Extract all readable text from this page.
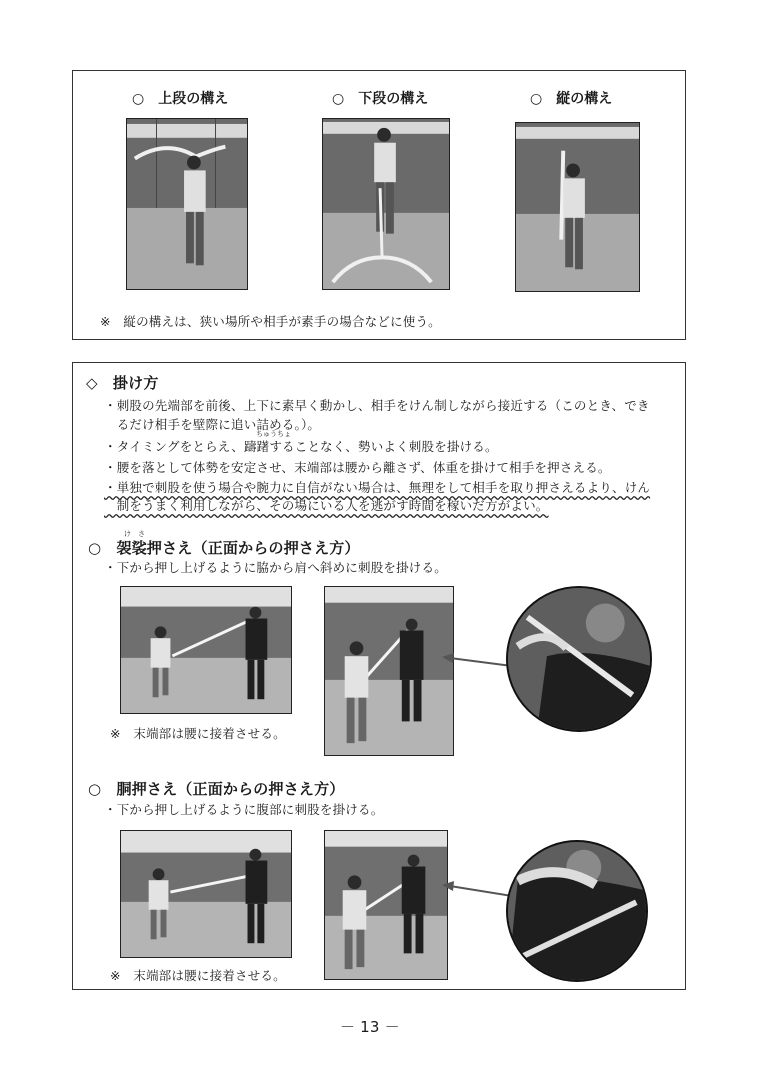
○　上段の構え	○　下段の構え	○　縦の構え
※　縦の構えは、狭い場所や相手が素手の場合などに使う。
◇　掛け方
・刺股の先端部を前後、上下に素早く動かし、相手をけん制しながら接近する（このとき、でき
　るだけ相手を壁際に追い詰める。）。
ちゅうちょ
・タイミングをとらえ、躊躇することなく、勢いよく刺股を掛ける。
・腰を落として体勢を安定させ、末端部は腰から離さず、体重を掛けて相手を押さえる。
・単独で刺股を使う場合や腕力に自信がない場合は、無理をして相手を取り押さえるより、けん
　制をうまく利用しながら、その場にいる人を逃がす時間を稼いだ方がよい。
け　さ
○　袈裟押さえ（正面からの押さえ方）
・下から押し上げるように脇から肩へ斜めに刺股を掛ける。
※　末端部は腰に接着させる。
○　胴押さえ（正面からの押さえ方）
・下から押し上げるように腹部に刺股を掛ける。
※　末端部は腰に接着させる。
－ 13 －
